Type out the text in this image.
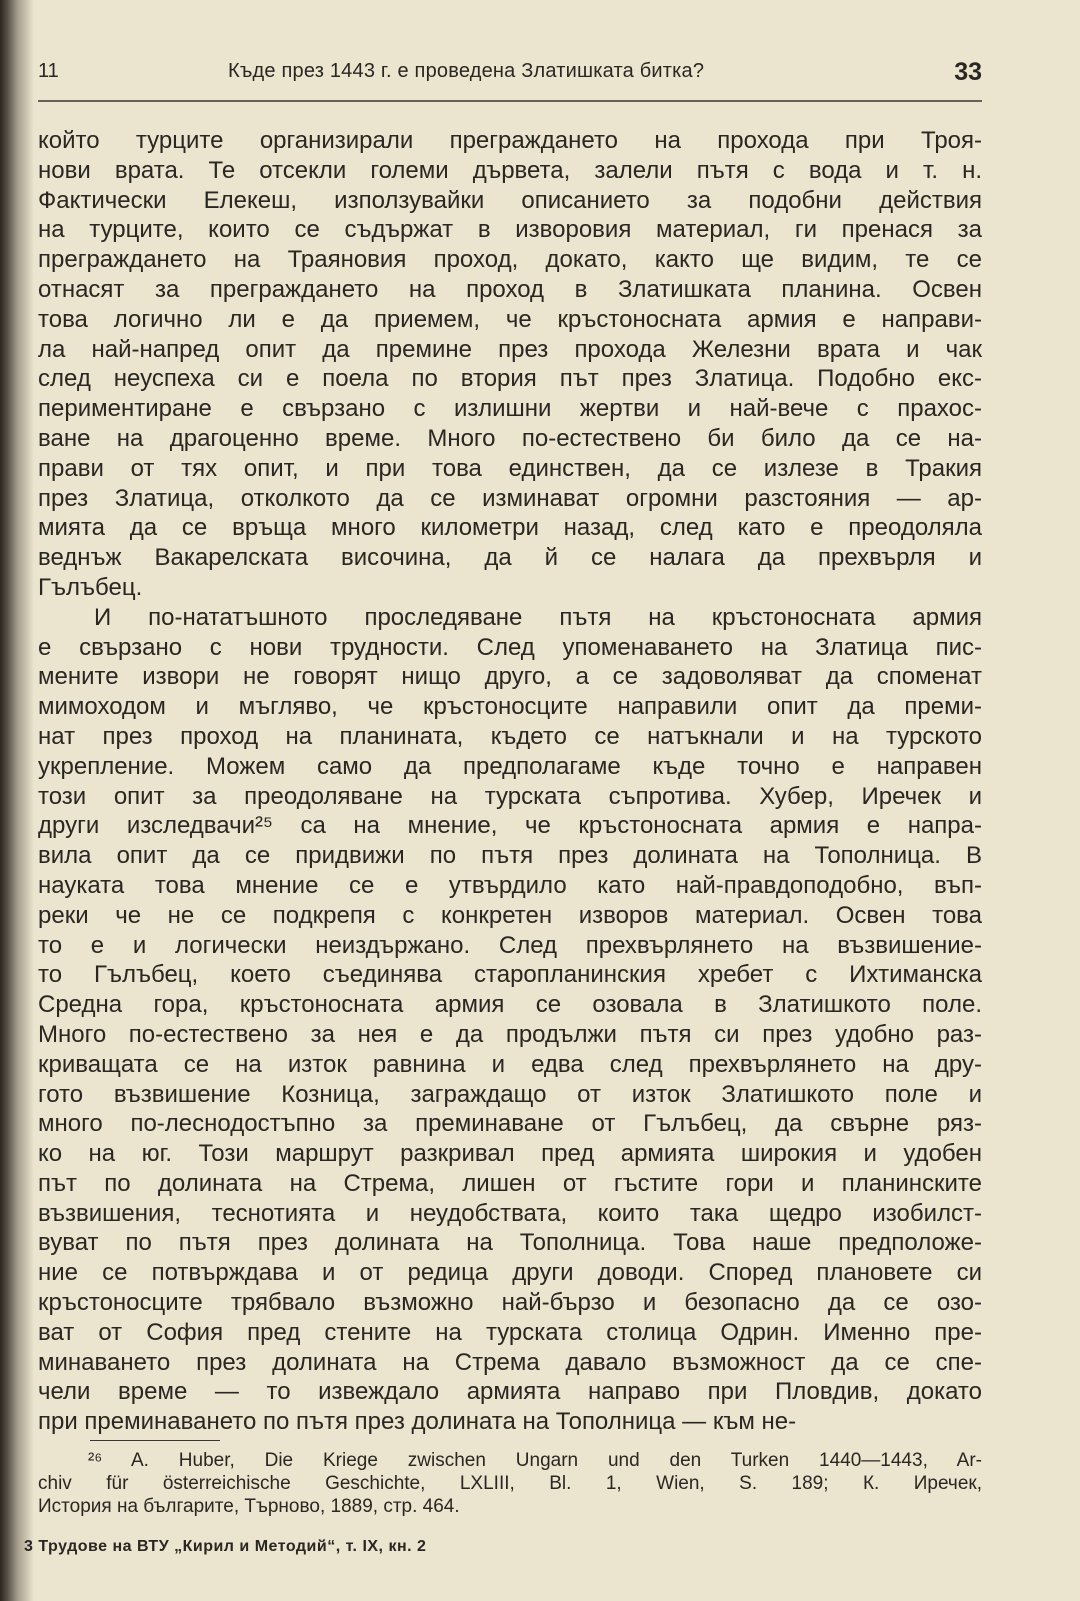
11	Къде през 1443 г. е проведена Златишката битка?	33
който турците организирали преграждането на прохода при Троя-
нови врата. Те отсекли големи дървета, залели пътя с вода и т. н.
Фактически Елекеш, използувайки описанието за подобни действия
на турците, които се съдържат в изворовия материал, ги пренася за
преграждането на Траяновия проход, докато, както ще видим, те се
отнасят за преграждането на проход в Златишката планина. Освен
това логично ли е да приемем, че кръстоносната армия е направи-
ла най-напред опит да премине през прохода Железни врата и чак
след неуспеха си е поела по втория път през Златица. Подобно екс-
периментиране е свързано с излишни жертви и най-вече с прахос-
ване на драгоценно време. Много по-естествено би било да се на-
прави от тях опит, и при това единствен, да се излезе в Тракия
през Златица, отколкото да се изминават огромни разстояния — ар-
мията да се връща много километри назад, след като е преодоляла
веднъж Вакарелската височина, да й се налага да прехвърля и
Гълъбец.
И по-нататъшното проследяване пътя на кръстоносната армия
е свързано с нови трудности. След упоменаването на Златица пис-
мените извори не говорят нищо друго, а се задоволяват да споменат
мимоходом и мъгляво, че кръстоносците направили опит да преми-
нат през проход на планината, където се натъкнали и на турското
укрепление. Можем само да предполагаме къде точно е направен
този опит за преодоляване на турската съпротива. Хубер, Иречек и
други изследвачи²⁵ са на мнение, че кръстоносната армия е напра-
вила опит да се придвижи по пътя през долината на Тополница. В
науката това мнение се е утвърдило като най-правдоподобно, въп-
реки че не се подкрепя с конкретен изворов материал. Освен това
то е и логически неиздържано. След прехвърлянето на възвишение-
то Гълъбец, което съединява старопланинския хребет с Ихтиманска
Средна гора, кръстоносната армия се озовала в Златишкото поле.
Много по-естествено за нея е да продължи пътя си през удобно раз-
криващата се на изток равнина и едва след прехвърлянето на дру-
гото възвишение Козница, заграждащо от изток Златишкото поле и
много по-леснодостъпно за преминаване от Гълъбец, да свърне ряз-
ко на юг. Този маршрут разкривал пред армията широкия и удобен
път по долината на Стрема, лишен от гъстите гори и планинските
възвишения, теснотията и неудобствата, които така щедро изобилст-
вуват по пътя през долината на Тополница. Това наше предположе-
ние се потвърждава и от редица други доводи. Според плановете си
кръстоносците трябвало възможно най-бързо и безопасно да се озо-
ват от София пред стените на турската столица Одрин. Именно пре-
минаването през долината на Стрема давало възможност да се спе-
чели време — то извеждало армията направо при Пловдив, докато
при преминаването по пътя през долината на Тополница — към не-
²⁶ A. Huber, Die Kriege zwischen Ungarn und den Turken 1440—1443, Ar-
chiv für österreichische Geschichte, LXLIII, Bl. 1, Wien, S. 189; К. Иречек,
История на българите, Търново, 1889, стр. 464.
3 Трудове на ВТУ „Кирил и Методий“, т. IX, кн. 2
